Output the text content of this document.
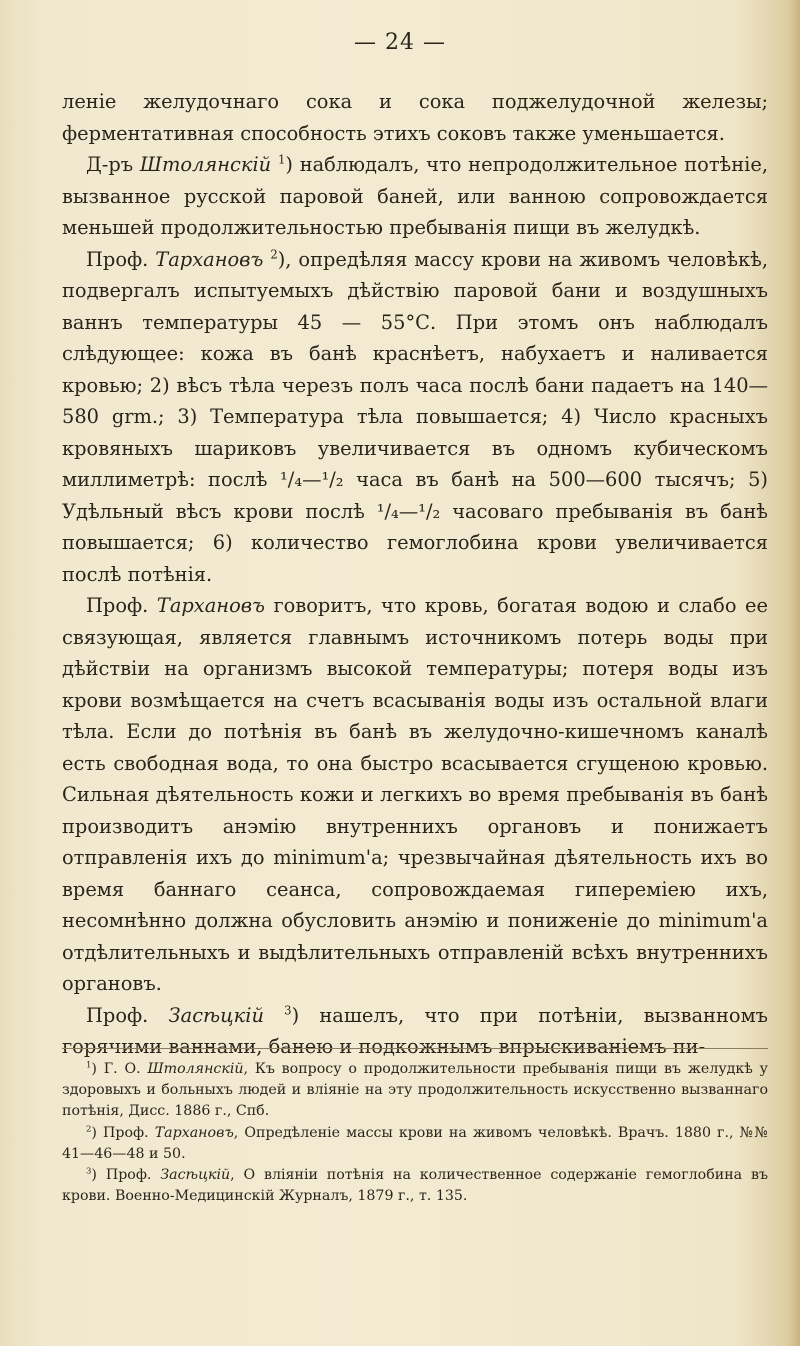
— 24 —

леніе желудочнаго сока и сока поджелудочной железы; ферментативная способность этихъ соковъ также уменьшается.

Д-ръ Штолянскій $^1$) наблюдалъ, что непродолжительное потѣніе, вызванное русской паровой баней, или ванною сопровождается меньшей продолжительностью пребыванія пищи въ желудкѣ.

Проф. Тархановъ $^2$), опредѣляя массу крови на живомъ человѣкѣ, подвергалъ испытуемыхъ дѣйствію паровой бани и воздушныхъ ваннъ температуры 45 — 55°С. При этомъ онъ наблюдалъ слѣдующее: кожа въ банѣ краснѣетъ, набухаетъ и наливается кровью; 2) вѣсъ тѣла черезъ полъ часа послѣ бани падаетъ на 140—580 grm.; 3) Температура тѣла повышается; 4) Число красныхъ кровяныхъ шариковъ увеличивается въ одномъ кубическомъ миллиметрѣ: послѣ ¹/₄—¹/₂ часа въ банѣ на 500—600 тысячъ; 5) Удѣльный вѣсъ крови послѣ ¹/₄—¹/₂ часоваго пребыванія въ банѣ повышается; 6) количество гемоглобина крови увеличивается послѣ потѣнія.

Проф. Тархановъ говоритъ, что кровь, богатая водою и слабо ее связующая, является главнымъ источникомъ потерь воды при дѣйствіи на организмъ высокой температуры; потеря воды изъ крови возмѣщается на счетъ всасыванія воды изъ остальной влаги тѣла. Если до потѣнія въ банѣ въ желудочно-кишечномъ каналѣ есть свободная вода, то она быстро всасывается сгущеною кровью. Сильная дѣятельность кожи и легкихъ во время пребыванія въ банѣ производитъ анэмію внутреннихъ органовъ и понижаетъ отправленія ихъ до minimum'a; чрезвычайная дѣятельность ихъ во время баннаго сеанса, сопровождаемая гипереміею ихъ, несомнѣнно должна обусловить анэмію и пониженіе до minimum'a отдѣлительныхъ и выдѣлительныхъ отправленій всѣхъ внутреннихъ органовъ.

Проф. Засѣцкій $^3$) нашелъ, что при потѣніи, вызванномъ горячими ваннами, банею и подкожнымъ впрыскиваніемъ пи-

$^1$) Г. О. Штолянскій, Къ вопросу о продолжительности пребыванія пищи въ желудкѣ у здоровыхъ и больныхъ людей и вліяніе на эту продолжительность искусственно вызваннаго потѣнія, Дисс. 1886 г., Спб.

$^2$) Проф. Тархановъ, Опредѣленіе массы крови на живомъ человѣкѣ. Врачъ. 1880 г., №№ 41—46—48 и 50.

$^3$) Проф. Засѣцкій, О вліяніи потѣнія на количественное содержаніе гемоглобина въ крови. Военно-Медицинскій Журналъ, 1879 г., т. 135.
